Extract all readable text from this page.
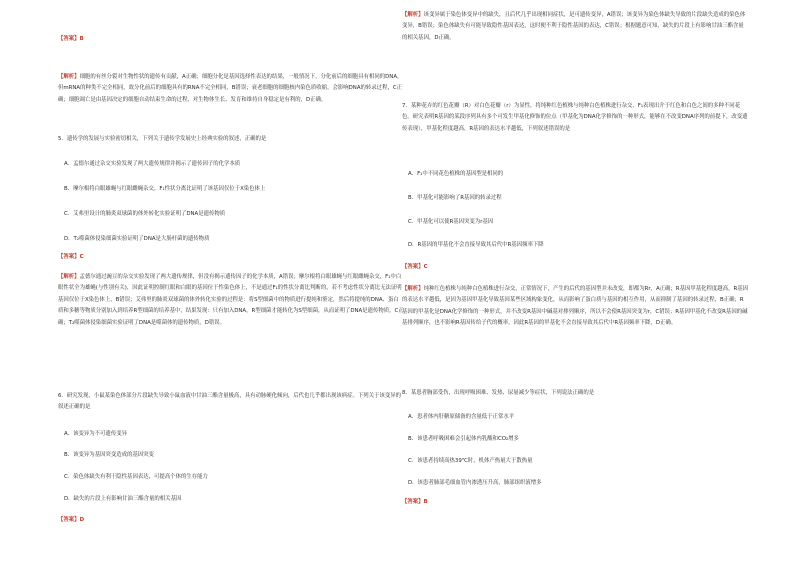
【答案】B

【解析】细胞的有丝分裂对生物性状的遗传有贡献，A正确；细胞分化是基因选择性表达的结果，一般情况下，分化前后的细胞具有相同的DNA，但mRNA的种类不完全相同，故分化前后的细胞具有的RNA不完全相同，B错误；衰老细胞的细胞核内染色质收缩，会影响DNA的转录过程，C正确；细胞凋亡是由基因决定的细胞自动结束生命的过程，对生物体生长、发育和维持自身稳定是有利的，D正确。

5．遗传学的发展与实验密切相关，下列关于遗传学发展史上经典实验的叙述，正确的是

A．孟德尔通过杂交实验发现了两大遗传规律并揭示了遗传因子的化学本质

B．摩尔根将白眼雄蝇与红眼雌蝇杂交，F₁性状分离比证明了该基因仅位于X染色体上

C．艾弗里设计的肺炎双球菌的体外转化实验证明了DNA是遗传物质

D．T₂噬菌体侵染细菌实验证明了DNA是大肠杆菌的遗传物质

【答案】C

【解析】孟德尔通过豌豆的杂交实验发现了两大遗传规律，但没有揭示遗传因子的化学本质，A错误；摩尔根将白眼雄蝇与红眼雌蝇杂交，F₁中白眼性状全为雄蝇(与性别有关)，因此证明控制红眼和白眼的基因位于性染色体上，不是通过F₁的性状分离比判断的，若不考虑性状分离比无法证明基因仅位于X染色体上，B错误；艾弗里的肺炎双球菌的体外转化实验的过程是：将S型细菌中的物质进行提纯和鉴定，然后将提纯的DNA、蛋白质和多糖等物质分别加入到培养R型细菌的培养基中，结果发现：只有加入DNA，R型细菌才能转化为S型细菌，从而证明了DNA是遗传物质，C正确；T₂噬菌体侵染细菌实验证明了DNA是噬菌体的遗传物质，D错误。

6．研究发现，小鼠某染色体部分片段缺失导致小鼠血液中甘油三酯含量极高，具有动脉硬化倾向，后代也几乎都出现该病症。下列关于该变异的叙述正确的是

A．该变异为不可遗传变异

B．该变异为基因突变造成的基因突变

C．染色体缺失有利于隐性基因表达，可提高个体的生存能力

D．缺失的片段上有影响甘油三酯含量的相关基因

【答案】D

【解析】该变异属于染色体变异中的缺失，且后代几乎出现相同症状，是可遗传变异，A错误；该变异为染色体缺失导致的片段缺失造成的染色体变异，B错误；染色体缺失有可能导致隐性基因表达，这时便不利于隐性基因的表达，C错误；根据题意可知，缺失的片段上有影响甘油三酯含量的相关基因，D正确。

7．某种花卉的红色花瓣（R）对白色花瓣（r）为显性，将纯种红色植株与纯种白色植株进行杂交，F₁表现出介于红色和白色之间的多种不同花色。研究表明R基因的某段序列具有多个可发生甲基化修饰的位点（甲基化为DNA化学修饰的一种形式，能够在不改变DNA序列的前提下，改变遗传表现），甲基化程度越高，R基因的表达水平越低，下列叙述错误的是

A．F₁中不同花色植株的基因型是相同的

B．甲基化可能影响了R基因的转录过程

C．甲基化可以使R基因突变为r基因

D．R基因的甲基化不会直接导致其后代中R基因频率下降

【答案】C

【解析】纯种红色植株与纯种白色植株进行杂交，正常情况下，产生的后代的基因型并未改变，即都为Rr，A正确；R基因甲基化程度越高，R基因的表达水平越低，是因为基因甲基化导致基因某些区域构象变化，从而影响了蛋白质与基因的相互作用，从而抑制了基因的转录过程，B正确；R基因的甲基化是DNA化学修饰的一种形式，并不改变R基因中碱基对排列顺序，所以不会使R基因突变为r，C错误；R基因甲基化不改变R基因的碱基排列顺序，也不影响R基因传给子代的概率，因此R基因的甲基化不会直接导致其后代中R基因频率下降，D正确。

8．某患者胸部受伤，出现呼吸困难、发热、尿量减少等症状，下列说法正确的是

A．患者体内肝糖原储备的含量低于正常水平

B．该患者呼吸困难会引起体内乳酸和CO₂增多

C．该患者持续高热39℃时，机体产热量大于散热量

D．该患者肺部毛细血管内渗透压升高，肺部组织液增多

【答案】B
